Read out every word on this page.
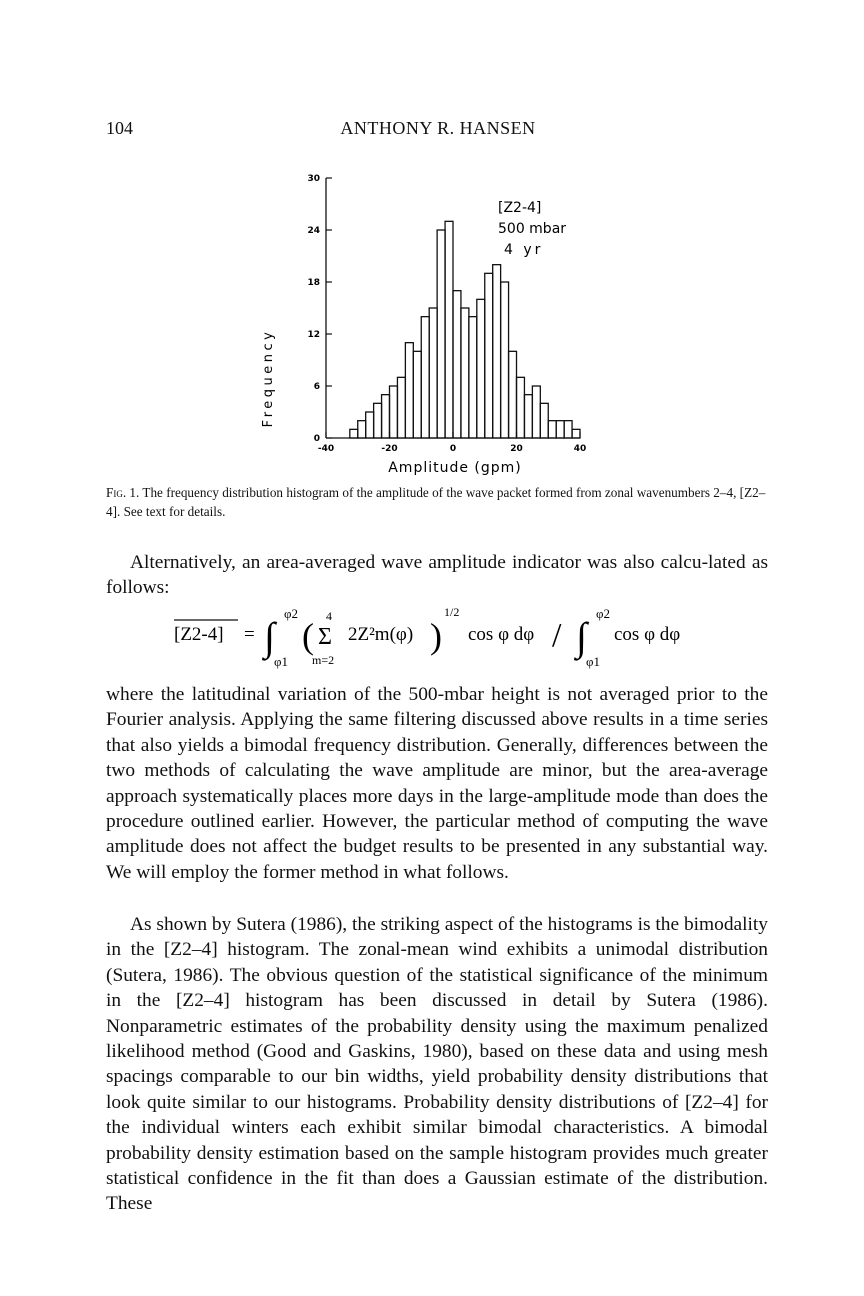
104	ANTHONY R. HANSEN
0
6
12
18
24
30
-40	-20	0	20	40
Frequency
Amplitude (gpm)
[Z2-4]
500 mbar
4 yr
Fig. 1. The frequency distribution histogram of the amplitude of the wave packet formed from zonal wavenumbers 2–4, [Z2–4]. See text for details.

Alternatively, an area-averaged wave amplitude indicator was also calcu-lated as follows:

[Z2-4] = ∫
φ2
φ1
( 4
Σ
m=2
2Z²m(φ) )
1/2
cos φ dφ / ∫
φ2
φ1
cos φ dφ

where the latitudinal variation of the 500-mbar height is not averaged prior to the Fourier analysis. Applying the same filtering discussed above results in a time series that also yields a bimodal frequency distribution. Generally, differences between the two methods of calculating the wave amplitude are minor, but the area-average approach systematically places more days in the large-amplitude mode than does the procedure outlined earlier. However, the particular method of computing the wave amplitude does not affect the budget results to be presented in any substantial way. We will employ the former method in what follows.

As shown by Sutera (1986), the striking aspect of the histograms is the bimodality in the [Z2–4] histogram. The zonal-mean wind exhibits a unimodal distribution (Sutera, 1986). The obvious question of the statistical significance of the minimum in the [Z2–4] histogram has been discussed in detail by Sutera (1986). Nonparametric estimates of the probability density using the maximum penalized likelihood method (Good and Gaskins, 1980), based on these data and using mesh spacings comparable to our bin widths, yield probability density distributions that look quite similar to our histograms. Probability density distributions of [Z2–4] for the individual winters each exhibit similar bimodal characteristics. A bimodal probability density estimation based on the sample histogram provides much greater statistical confidence in the fit than does a Gaussian estimate of the distribution. These
